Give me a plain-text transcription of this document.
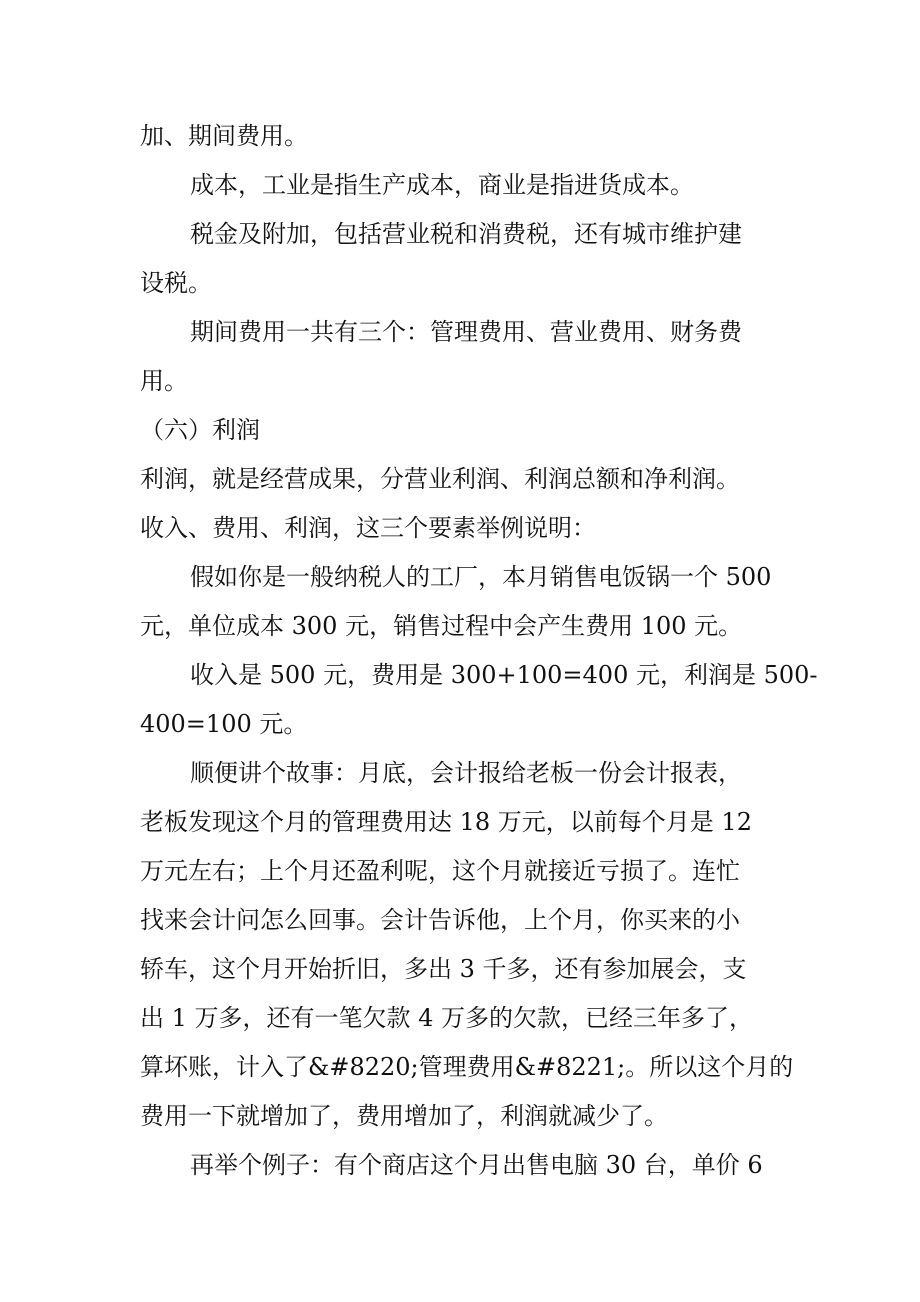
加、期间费用。
成本，工业是指生产成本，商业是指进货成本。
税金及附加，包括营业税和消费税，还有城市维护建
设税。
期间费用一共有三个：管理费用、营业费用、财务费
用。
（六）利润
利润，就是经营成果，分营业利润、利润总额和净利润。
收入、费用、利润，这三个要素举例说明：
假如你是一般纳税人的工厂，本月销售电饭锅一个 500
元，单位成本 300 元，销售过程中会产生费用 100 元。
收入是 500 元，费用是 300+100=400 元，利润是 500-
400=100 元。
顺便讲个故事：月底，会计报给老板一份会计报表，
老板发现这个月的管理费用达 18 万元，以前每个月是 12
万元左右；上个月还盈利呢，这个月就接近亏损了。连忙
找来会计问怎么回事。会计告诉他，上个月，你买来的小
轿车，这个月开始折旧，多出 3 千多，还有参加展会，支
出 1 万多，还有一笔欠款 4 万多的欠款，已经三年多了，
算坏账，计入了&#8220;管理费用&#8221;。所以这个月的
费用一下就增加了，费用增加了，利润就减少了。
再举个例子：有个商店这个月出售电脑 30 台，单价 6
